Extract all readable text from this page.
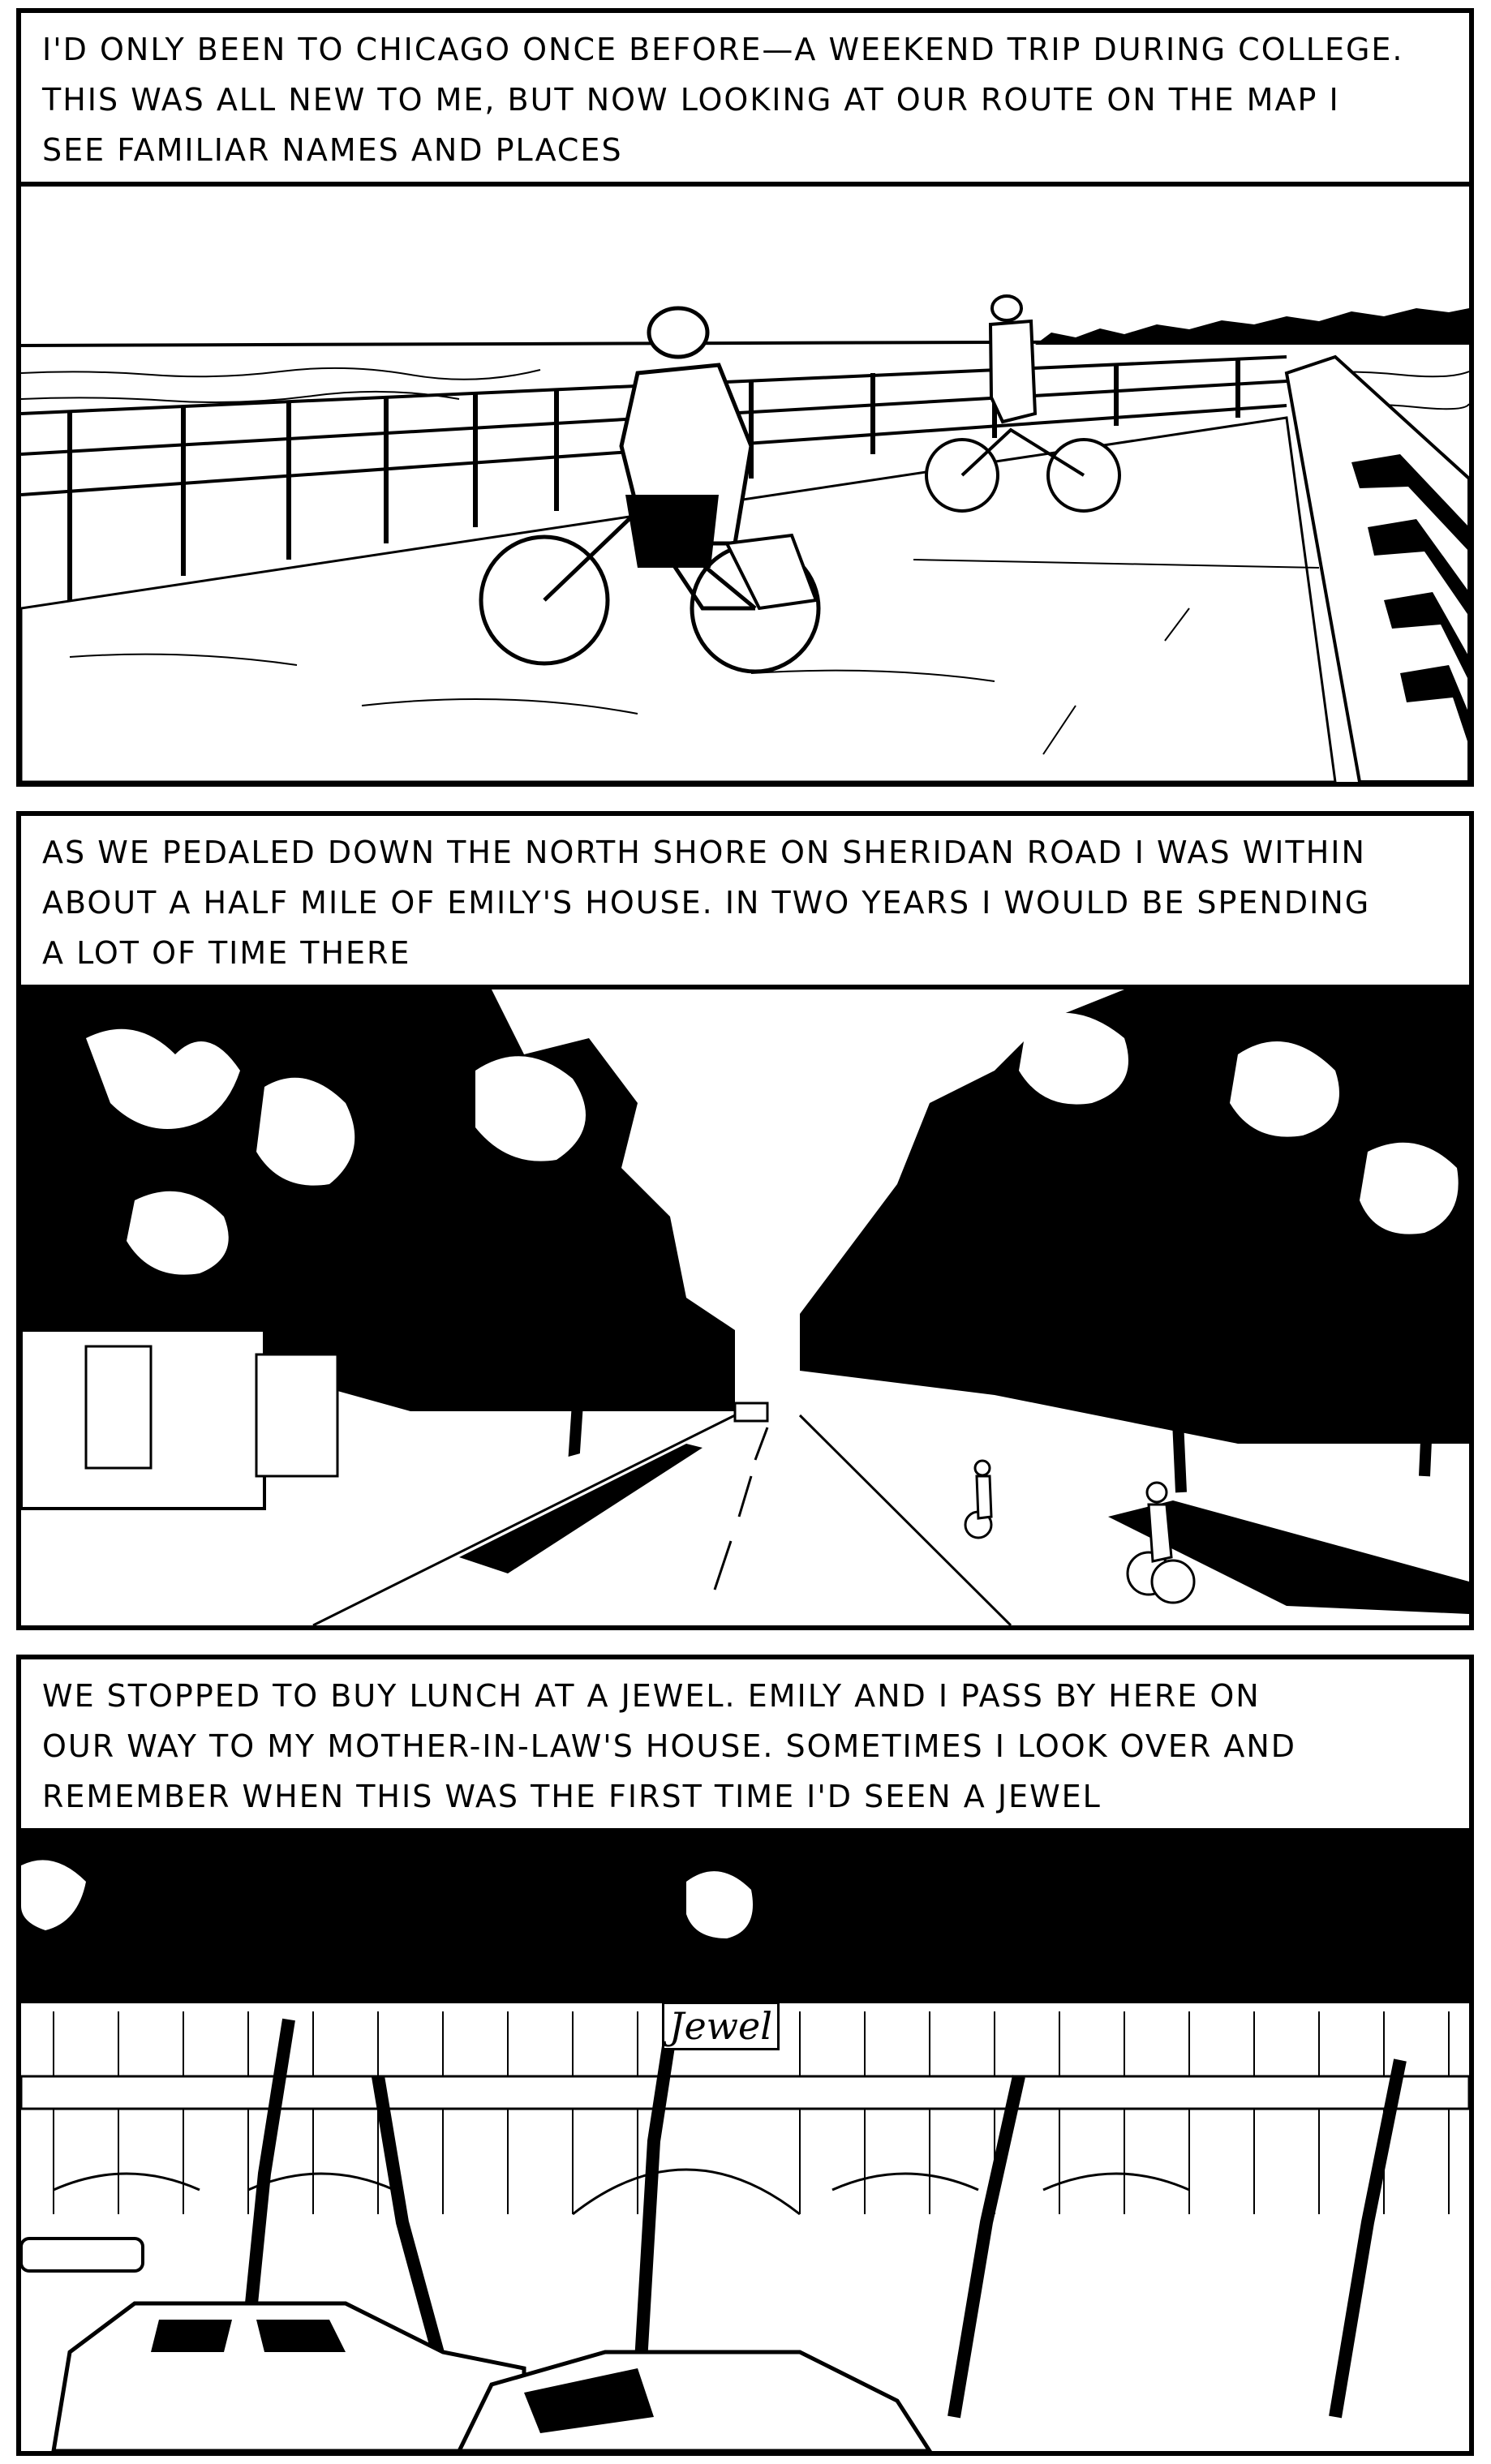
I'D ONLY BEEN TO CHICAGO ONCE BEFORE—A WEEKEND TRIP DURING COLLEGE.

THIS WAS ALL NEW TO ME, BUT NOW LOOKING AT OUR ROUTE ON THE MAP I

SEE FAMILIAR NAMES AND PLACES

AS WE PEDALED DOWN THE NORTH SHORE ON SHERIDAN ROAD I WAS WITHIN

ABOUT A HALF MILE OF EMILY'S HOUSE. IN TWO YEARS I WOULD BE SPENDING

A LOT OF TIME THERE

WE STOPPED TO BUY LUNCH AT A JEWEL. EMILY AND I PASS BY HERE ON

OUR WAY TO MY MOTHER-IN-LAW'S HOUSE. SOMETIMES I LOOK OVER AND

REMEMBER WHEN THIS WAS THE FIRST TIME I'D SEEN A JEWEL

Jewel
